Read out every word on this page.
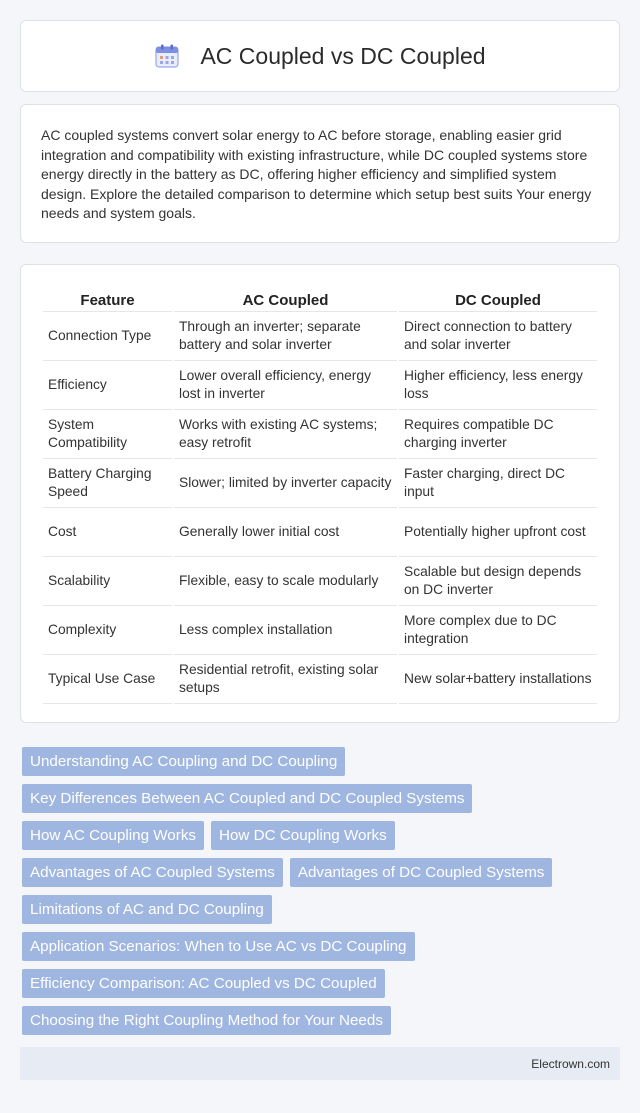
AC Coupled vs DC Coupled

AC coupled systems convert solar energy to AC before storage, enabling easier grid integration and compatibility with existing infrastructure, while DC coupled systems store energy directly in the battery as DC, offering higher efficiency and simplified system design. Explore the detailed comparison to determine which setup best suits Your energy needs and system goals.

Feature	AC Coupled	DC Coupled
Connection Type	Through an inverter; separate battery and solar inverter	Direct connection to battery and solar inverter
Efficiency	Lower overall efficiency, energy lost in inverter	Higher efficiency, less energy loss
System Compatibility	Works with existing AC systems; easy retrofit	Requires compatible DC charging inverter
Battery Charging Speed	Slower; limited by inverter capacity	Faster charging, direct DC input
Cost	Generally lower initial cost	Potentially higher upfront cost
Scalability	Flexible, easy to scale modularly	Scalable but design depends on DC inverter
Complexity	Less complex installation	More complex due to DC integration
Typical Use Case	Residential retrofit, existing solar setups	New solar+battery installations
Understanding AC Coupling and DC Coupling
Key Differences Between AC Coupled and DC Coupled Systems
How AC Coupling Works	How DC Coupling Works
Advantages of AC Coupled Systems	Advantages of DC Coupled Systems
Limitations of AC and DC Coupling
Application Scenarios: When to Use AC vs DC Coupling
Efficiency Comparison: AC Coupled vs DC Coupled
Choosing the Right Coupling Method for Your Needs
Electrown.com
